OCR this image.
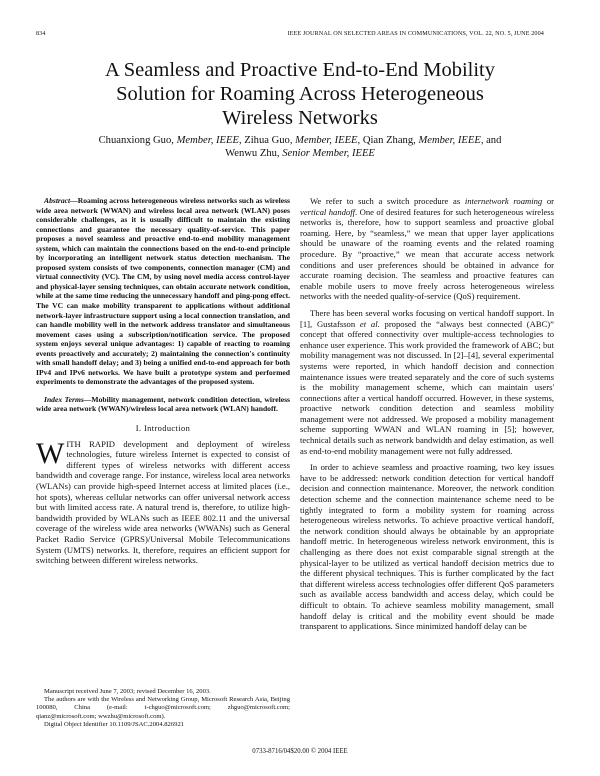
834	IEEE JOURNAL ON SELECTED AREAS IN COMMUNICATIONS, VOL. 22, NO. 5, JUNE 2004
A Seamless and Proactive End-to-End Mobility
Solution for Roaming Across Heterogeneous
Wireless Networks
Chuanxiong Guo, Member, IEEE, Zihua Guo, Member, IEEE, Qian Zhang, Member, IEEE, and
Wenwu Zhu, Senior Member, IEEE

Abstract—Roaming across heterogeneous wireless networks such as wireless wide area network (WWAN) and wireless local area network (WLAN) poses considerable challenges, as it is usually difficult to maintain the existing connections and guarantee the necessary quality-of-service. This paper proposes a novel seamless and proactive end-to-end mobility management system, which can maintain the connections based on the end-to-end principle by incorporating an intelligent network status detection mechanism. The proposed system consists of two components, connection manager (CM) and virtual connectivity (VC). The CM, by using novel media access control-layer and physical-layer sensing techniques, can obtain accurate network condition, while at the same time reducing the unnecessary handoff and ping-pong effect. The VC can make mobility transparent to applications without additional network-layer infrastructure support using a local connection translation, and can handle mobility well in the network address translator and simultaneous movement cases using a subscription/notification service. The proposed system enjoys several unique advantages: 1) capable of reacting to roaming events proactively and accurately; 2) maintaining the connection's continuity with small handoff delay; and 3) being a unified end-to-end approach for both IPv4 and IPv6 networks. We have built a prototype system and performed experiments to demonstrate the advantages of the proposed system.

Index Terms—Mobility management, network condition detection, wireless wide area network (WWAN)/wireless local area network (WLAN) handoff.

I. Introduction

WITH RAPID development and deployment of wireless technologies, future wireless Internet is expected to consist of different types of wireless networks with different access bandwidth and coverage range. For instance, wireless local area networks (WLANs) can provide high-speed Internet access at limited places (i.e., hot spots), whereas cellular networks can offer universal network access but with limited access rate. A natural trend is, therefore, to utilize high-bandwidth provided by WLANs such as IEEE 802.11 and the universal coverage of the wireless wide area networks (WWANs) such as General Packet Radio Service (GPRS)/Universal Mobile Telecommunications System (UMTS) networks. It, therefore, requires an efficient support for switching between different wireless networks.

Manuscript received June 7, 2003; revised December 16, 2003.

The authors are with the Wireless and Networking Group, Microsoft Research Asia, Beijing 100080, China (e-mail: t-chguo@microsoft.com; zhguo@microsoft.com; qianz@microsoft.com; wwzhu@microsoft.com).

Digital Object Identifier 10.1109/JSAC.2004.826921

We refer to such a switch procedure as internetwork roaming or vertical handoff. One of desired features for such heterogeneous wireless networks is, therefore, how to support seamless and proactive global roaming. Here, by “seamless,” we mean that upper layer applications should be unaware of the roaming events and the related roaming procedure. By “proactive,” we mean that accurate access network conditions and user preferences should be obtained in advance for accurate roaming decision. The seamless and proactive features can enable mobile users to move freely across heterogeneous wireless networks with the needed quality-of-service (QoS) requirement.

There has been several works focusing on vertical handoff support. In [1], Gustafsson et al. proposed the “always best connected (ABC)” concept that offered connectivity over multiple-access technologies to enhance user experience. This work provided the framework of ABC; but mobility management was not discussed. In [2]–[4], several experimental systems were reported, in which handoff decision and connection maintenance issues were treated separately and the core of such systems is the mobility management scheme, which can maintain users' connections after a vertical handoff occurred. However, in these systems, proactive network condition detection and seamless mobility management were not addressed. We proposed a mobility management scheme supporting WWAN and WLAN roaming in [5]; however, technical details such as network bandwidth and delay estimation, as well as end-to-end mobility management were not fully addressed.

In order to achieve seamless and proactive roaming, two key issues have to be addressed: network condition detection for vertical handoff decision and connection maintenance. Moreover, the network condition detection scheme and the connection maintenance scheme need to be tightly integrated to form a mobility system for roaming across heterogeneous wireless networks. To achieve proactive vertical handoff, the network condition should always be obtainable by an appropriate handoff metric. In heterogeneous wireless network environment, this is challenging as there does not exist comparable signal strength at the physical-layer to be utilized as vertical handoff decision metrics due to the different physical techniques. This is further complicated by the fact that different wireless access technologies offer different QoS parameters such as available access bandwidth and access delay, which could be difficult to obtain. To achieve seamless mobility management, small handoff delay is critical and the mobility event should be made transparent to applications. Since minimized handoff delay can be

0733-8716/04$20.00 © 2004 IEEE
